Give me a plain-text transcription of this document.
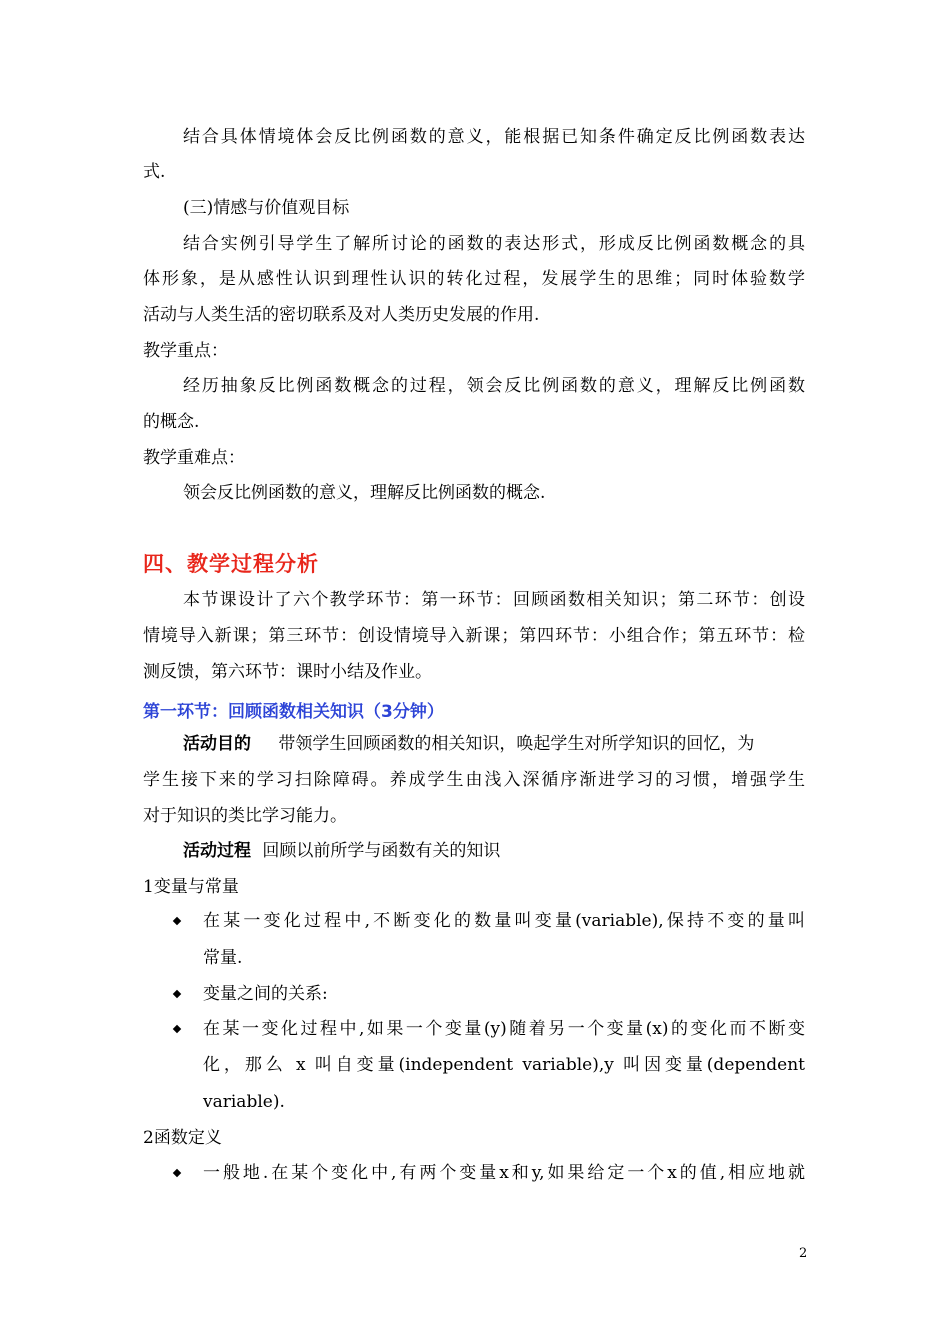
结合具体情境体会反比例函数的意义，能根据已知条件确定反比例函数表达
式.
(三)情感与价值观目标
结合实例引导学生了解所讨论的函数的表达形式，形成反比例函数概念的具
体形象，是从感性认识到理性认识的转化过程，发展学生的思维；同时体验数学
活动与人类生活的密切联系及对人类历史发展的作用.
教学重点：
经历抽象反比例函数概念的过程，领会反比例函数的意义，理解反比例函数
的概念.
教学重难点：
领会反比例函数的意义，理解反比例函数的概念.
四、教学过程分析
本节课设计了六个教学环节：第一环节：回顾函数相关知识；第二环节：创设
情境导入新课；第三环节：创设情境导入新课；第四环节：小组合作；第五环节：检
测反馈，第六环节：课时小结及作业。
第一环节：回顾函数相关知识（3分钟）
活动目的 带领学生回顾函数的相关知识，唤起学生对所学知识的回忆，为
学生接下来的学习扫除障碍。养成学生由浅入深循序渐进学习的习惯，增强学生
对于知识的类比学习能力。
活动过程 回顾以前所学与函数有关的知识
1变量与常量
在某一变化过程中,不断变化的数量叫变量(variable),保持不变的量叫
常量.
变量之间的关系:
在某一变化过程中,如果一个变量(y)随着另一个变量(x)的变化而不断变
化，那么 x 叫自变量(independent variable),y 叫因变量(dependent
variable).
2函数定义
一般地.在某个变化中,有两个变量x和y,如果给定一个x的值,相应地就
2
